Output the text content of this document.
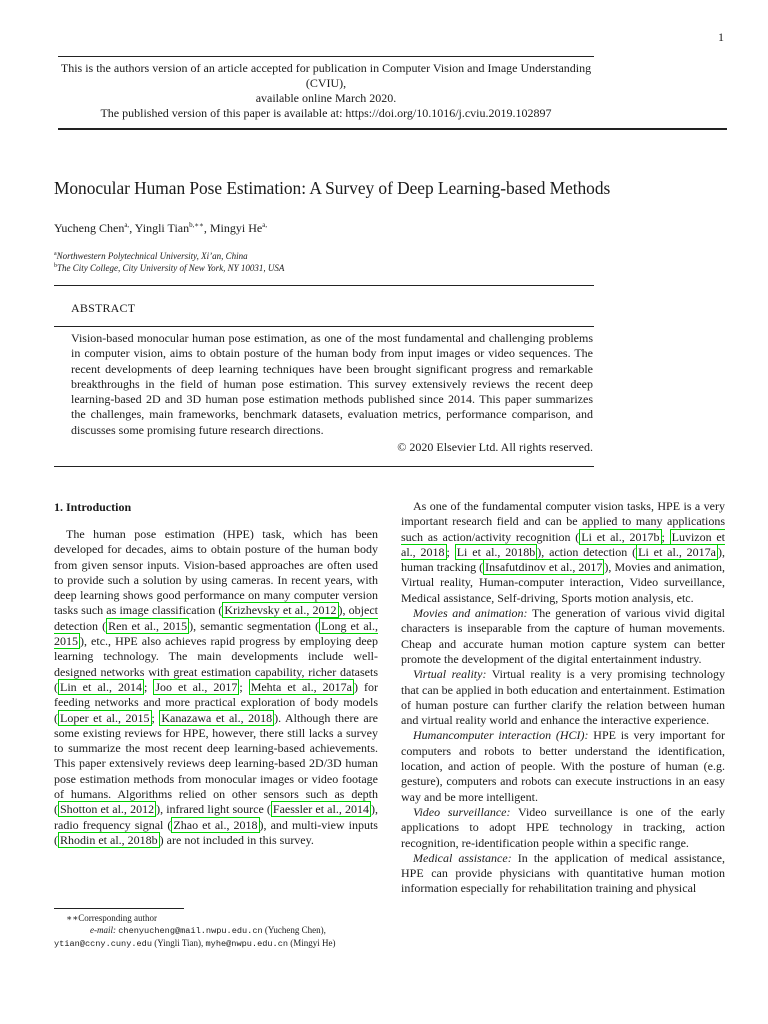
1
This is the authors version of an article accepted for publication in Computer Vision and Image Understanding (CVIU),
available online March 2020.
The published version of this paper is available at: https://doi.org/10.1016/j.cviu.2019.102897
Monocular Human Pose Estimation: A Survey of Deep Learning-based Methods
Yucheng Chen$^{a,}$, Yingli Tian$^{b,∗∗}$, Mingyi $He^{a,}$
$^a$Northwestern Polytechnical University, Xi’an, China
$^b$The City College, City University of New York, NY 10031, USA
ABSTRACT
Vision-based monocular human pose estimation, as one of the most fundamental and challenging problems in computer vision, aims to obtain posture of the human body from input images or video sequences. The recent developments of deep learning techniques have been brought significant progress and remarkable breakthroughs in the field of human pose estimation. This survey extensively reviews the recent deep learning-based 2D and 3D human pose estimation methods published since 2014. This paper summarizes the challenges, main frameworks, benchmark datasets, evaluation metrics, performance comparison, and discusses some promising future research directions.
© 2020 Elsevier Ltd. All rights reserved.
1. Introduction

The human pose estimation (HPE) task, which has been developed for decades, aims to obtain posture of the human body from given sensor inputs. Vision-based approaches are often used to provide such a solution by using cameras. In recent years, with deep learning shows good performance on many computer version tasks such as image classification ( Krizhevsky et al., 2012 ), object detection ( Ren et al., 2015 ), semantic segmentation ( Long et al., 2015 ), etc., HPE also achieves rapid progress by employing deep learning technology. The main developments include well-designed networks with great estimation capability, richer datasets ( Lin et al., 2014 ; Joo et al., 2017 ; Mehta et al., 2017a ) for feeding networks and more practical exploration of body models ( Loper et al., 2015 ; Kanazawa et al., 2018 ). Although there are some existing reviews for HPE, however, there still lacks a survey to summarize the most recent deep learning-based achievements. This paper extensively reviews deep learning-based 2D/3D human pose estimation methods from monocular images or video footage of humans. Algorithms relied on other sensors such as depth ( Shotton et al., 2012 ), infrared light source ( Faessler et al., 2014 ), radio frequency signal ( Zhao et al., 2018 ), and multi-view inputs ( Rhodin et al., 2018b ) are not included in this survey.

As one of the fundamental computer vision tasks, HPE is a very important research field and can be applied to many applications such as action/activity recognition ( Li et al., 2017b ; Luvizon et al., 2018 ; Li et al., 2018b ), action detection ( Li et al., 2017a ), human tracking ( Insafutdinov et al., 2017 ), Movies and animation, Virtual reality, Human-computer interaction, Video surveillance, Medical assistance, Self-driving, Sports motion analysis, etc.

Movies and animation: The generation of various vivid digital characters is inseparable from the capture of human movements. Cheap and accurate human motion capture system can better promote the development of the digital entertainment industry.

Virtual reality: Virtual reality is a very promising technology that can be applied in both education and entertainment. Estimation of human posture can further clarify the relation between human and virtual reality world and enhance the interactive experience.

Humancomputer interaction (HCI): HPE is very important for computers and robots to better understand the identification, location, and action of people. With the posture of human (e.g. gesture), computers and robots can execute instructions in an easy way and be more intelligent.

Video surveillance: Video surveillance is one of the early applications to adopt HPE technology in tracking, action recognition, re-identification people within a specific range.

Medical assistance: In the application of medical assistance, HPE can provide physicians with quantitative human motion information especially for rehabilitation training and physical

∗∗Corresponding author
e-mail: chenyucheng@mail.nwpu.edu.cn (Yucheng Chen),
ytian@ccny.cuny.edu (Yingli Tian), myhe@nwpu.edu.cn (Mingyi He)
